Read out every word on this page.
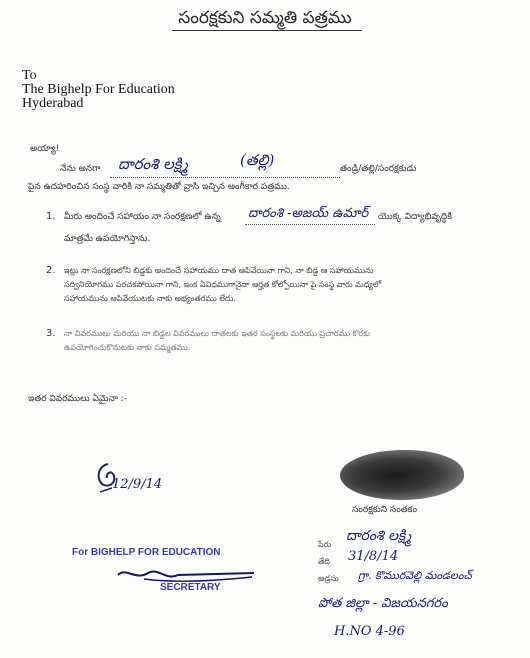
సంరక్షకుని సమ్మతి పత్రము
To
The Bighelp For Education
Hyderabad
అయ్యా!
నేను అనగా దారంశి లక్ష్మి	(తల్లి)	తండ్రి/తల్లి/సంరక్షకుడు
పైన ఉదహరించిన సంస్థ వారికి నా సమ్మతితో వ్రాసి ఇచ్చిన అంగీకార పత్రము.
1. మీరు అందించే సహాయం నా సంరక్షణలో ఉన్న దారంశి -అజయ్ ఉమార్ యొక్క విద్యాభివృద్ధికి
మాత్రమే ఉపయోగిస్తాను.
2. ఇట్లు నా సంరక్షణలోని బిడ్డకు అందించే సహాయము దాత ఆపివేయినా గాని, నా బిడ్డ ఆ సహాయమును
సద్వినియోగము పరచకపోయినా గాని, ఇంక ఏవిధముగానైనా అర్హత కోల్పోయినా పై సంస్థ వారు మధ్యలో
సహాయమును ఆపివేయుటకు నాకు అభ్యంతరము లేదు.
3. నా వివరములు మరియు నా బిడ్డల వివరములు దాతలకు ఇతర సంస్థలకు మరియు ప్రచారము కొరకు
ఉపయోగించుకొనుటకు నాకు సమ్మతము.
ఇతర వివరములు ఏమైనా :-
12/9/14
సంరక్షకుని సంతకం
For BIGHELP FOR EDUCATION
SECRETARY
పేరు
దారంశి లక్ష్మి
తేది 31/8/14
అడ్రసు గ్రా. కొమురవెల్లి మండలంచ్
పోత జిల్లా - విజయనగరం
H.NO 4-96
